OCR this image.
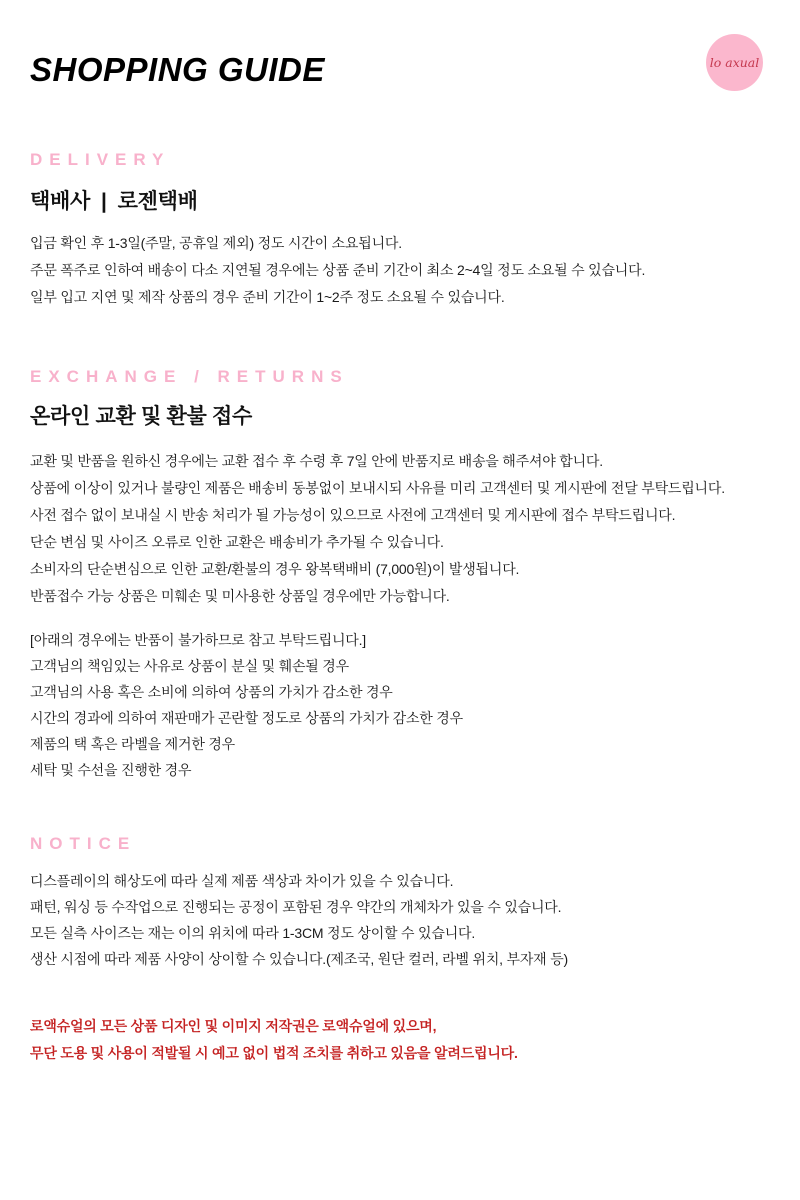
SHOPPING GUIDE	lo axual
DELIVERY
택배사  |  로젠택배

입금 확인 후 1-3일(주말, 공휴일 제외) 정도 시간이 소요됩니다.

주문 폭주로 인하여 배송이 다소 지연될 경우에는 상품 준비 기간이 최소 2~4일 정도 소요될 수 있습니다.

일부 입고 지연 및 제작 상품의 경우 준비 기간이 1~2주 정도 소요될 수 있습니다.

EXCHANGE / RETURNS
온라인 교환 및 환불 접수

교환 및 반품을 원하신 경우에는 교환 접수 후 수령 후 7일 안에 반품지로 배송을 해주셔야 합니다.

상품에 이상이 있거나 불량인 제품은 배송비 동봉없이 보내시되 사유를 미리 고객센터 및 게시판에 전달 부탁드립니다.

사전 접수 없이 보내실 시 반송 처리가 될 가능성이 있으므로 사전에 고객센터 및 게시판에 접수 부탁드립니다.

단순 변심 및 사이즈 오류로 인한 교환은 배송비가 추가될 수 있습니다.

소비자의 단순변심으로 인한 교환/환불의 경우 왕복택배비 (7,000원)이 발생됩니다.

반품접수 가능 상품은 미훼손 및 미사용한 상품일 경우에만 가능합니다.

[아래의 경우에는 반품이 불가하므로 참고 부탁드립니다.]

고객님의 책임있는 사유로 상품이 분실 및 훼손될 경우

고객님의 사용 혹은 소비에 의하여 상품의 가치가 감소한 경우

시간의 경과에 의하여 재판매가 곤란할 정도로 상품의 가치가 감소한 경우

제품의 택 혹은 라벨을 제거한 경우

세탁 및 수선을 진행한 경우

NOTICE

디스플레이의 해상도에 따라 실제 제품 색상과 차이가 있을 수 있습니다.

패턴, 워싱 등 수작업으로 진행되는 공정이 포함된 경우 약간의 개체차가 있을 수 있습니다.

모든 실측 사이즈는 재는 이의 위치에 따라 1-3CM 정도 상이할 수 있습니다.

생산 시점에 따라 제품 사양이 상이할 수 있습니다.(제조국, 원단 컬러, 라벨 위치, 부자재 등)

로액슈얼의 모든 상품 디자인 및 이미지 저작권은 로액슈얼에 있으며,

무단 도용 및 사용이 적발될 시 예고 없이 법적 조치를 취하고 있음을 알려드립니다.
